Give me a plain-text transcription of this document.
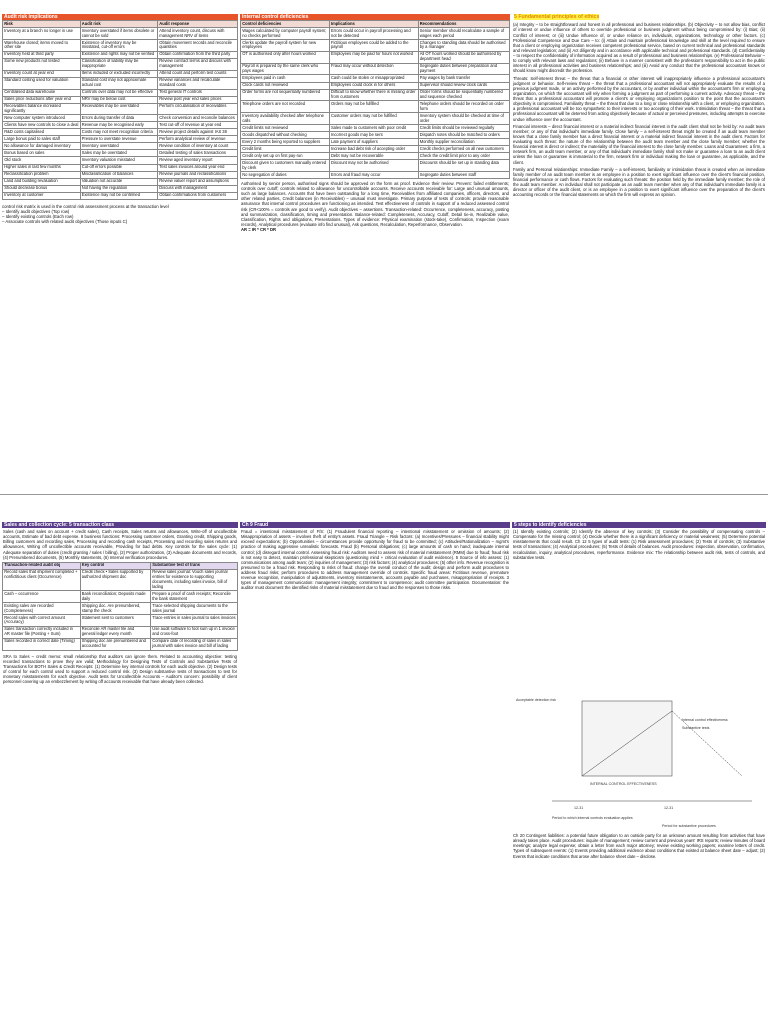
Audit risk implications
Risk	Audit risk	Audit response
Inventory at a branch no longer in use	Inventory overstated if items obsolete or cannot be sold	Attend inventory count, discuss with management NRV of items
Warehouse closed; items moved to other site	Existence of inventory may be misstated, cut-off errors	Obtain movement records and reconcile quantities
Inventory held at third party	Existence and rights may not be verified	Obtain confirmation from the third party
Some new products not tested	Classification of liability may be inappropriate	Review contract terms and discuss with management
Inventory count at year end	Items included or excluded incorrectly	Attend count and perform test counts
Standard costing used for valuation	Standard cost may not approximate actual cost	Review variances and recalculate standard costs
Centralised data warehouse	Controls over data may not be effective	Test general IT controls
Sales price reductions after year end	NRV may be below cost	Review post year end sales prices
Receivables balance increased significantly	Receivables may be overstated	Perform circularisation of receivables
New computer system introduced	Errors during transfer of data	Check conversion and reconcile balances
Clients have new controls to close a deal	Revenue may be recognised early	Test cut-off of revenue at year end
R&D costs capitalised	Costs may not meet recognition criteria	Review project details against IAS 38
Large bonus paid to sales staff	Pressure to overstate revenue	Perform analytical review of revenue
No allowance for damaged inventory	Inventory overstated	Review condition of inventory at count
Bonus based on sales	Sales may be overstated	Detailed testing of sales transactions
Old stock	Inventory valuation misstated	Review aged inventory report
Higher sales in last few months	Cut-off errors possible	Test sales invoices around year end
Reclassification problem	Misclassification of balances	Review journals and reclassifications
Land and building revaluation	Valuation not accurate	Review valuer report and assumptions
Should decrease bonus	Not having the regulation	Discuss with management
Inventory at customer	Existence may not be confirmed	Obtain confirmations from customers
control risk matrix is used in the control risk assessment process at the transaction level
– Identify audit objectives (Top row)
– Identify existing controls (Each row)
– Associate controls with related audit objectives (Those inputs C)
Internal control deficiencies
Control deficiencies	Implications	Recommendations
Wages calculated by computer payroll system; no checks performed	Errors could occur in payroll processing and not be detected	Senior member should recalculate a sample of wages each period
Clerks update the payroll system for new employees	Fictitious employees could be added to the payroll	Changes to standing data should be authorised by a manager
OT is authorised only after hours worked	Employees may be paid for hours not worked	All OT hours worked should be authorised by department head
Payroll is prepared by the same clerk who pays wages	Fraud may occur without detection	Segregate duties between preparation and payment
Employees paid in cash	Cash could be stolen or misappropriated	Pay wages by bank transfer
Clock cards not reviewed	Employees could clock in for others	Supervisor should review clock cards
Order forms are not sequentially numbered	Difficult to know whether there is missing order from customers	Order forms should be sequentially numbered and sequence checked
Telephone orders are not recorded	Orders may not be fulfilled	Telephone orders should be recorded on order form
Inventory availability checked after telephone calls	Customer orders may not be fulfilled	Inventory system should be checked at time of order
Credit limits not reviewed	Sales made to customers with poor credit	Credit limits should be reviewed regularly
Goods dispatched without checking	Incorrect goods may be sent	Dispatch notes should be matched to orders
Every 2 months being reported to suppliers	Late payment of suppliers	Monthly supplier reconciliation
Credit limit	Increase bad debt risk of accepting order	Credit checks performed on all new customers
Credit only set up on first pay-run	Debt may not be recoverable	Check the credit limit prior to any order
Discount given to customers manually entered by clerk	Discount may not be authorised	Discounts should be set up in standing data
No segregation of duties	Errors and fraud may occur	Segregate duties between staff
Authorised by senior person, authorised signs should be approved on the form as proof. Evidence their review. Prevent: failed entitlements; controls over cutoff; controls related to allowance for uncontrollable accounts. Receive accounts receivable for: Large and unusual amounts, such as large balances. Accounts that have been outstanding for a long time, Receivables from affiliated companies, officers, directors, and other related parties, Credit balances (in Receivables) – unusual must investigate. Primary purpose of tests of controls: provide reasonable assurance that internal control procedures are functioning as intended. Test effectiveness of controls in support of a reduced assessed control risk (CR<100% = controls are good to verify). Audit objectives – assertions. Transaction-related: Occurrence, completeness, accuracy, posting and summarization, classification, timing and presentation. Balance-related: Completeness, Accuracy, Cutoff, Detail tie-in, Realizable value, Classification, Rights and obligations, Presentations. Types of evidence: Physical examination (stock-take), Confirmation, Inspection (exam records), Analytical procedures (evaluate info find unusual), Ask questions, Recalculation, Reperformance, Observation.
AR = IR * CR * DR
5 Fundamental principles of ethics
(a) Integrity – to be straightforward and honest in all professional and business relationships. (b) Objectivity – to not allow bias, conflict of interest or undue influence of others to override professional or business judgment without being compromised by: (i) Bias; (ii) Conflict of interest; or (iii) Undue influence of, or undue reliance on, individuals, organizations, technology or other factors. (c) Professional Competence and Due Care – to: (i) Attain and maintain professional knowledge and skill at the level required to ensure that a client or employing organization receives competent professional service, based on current technical and professional standards and relevant legislation; and (ii) Act diligently and in accordance with applicable technical and professional standards. (d) Confidentiality – to respect the confidentiality of information acquired as a result of professional and business relationships. (e) Professional Behavior – to comply with relevant laws and regulations; (ii) Behave in a manner consistent with the profession's responsibility to act in the public interest in all professional activities and business relationships; and (iii) Avoid any conduct that the professional accountant knows or should know might discredit the profession.
Threats: Self-interest threat – the threat that a financial or other interest will inappropriately influence a professional accountant's judgment or behavior. Self-review threat – the threat that a professional accountant will not appropriately evaluate the results of a previous judgment made, or an activity performed by the accountant, or by another individual within the accountant's firm or employing organization, on which the accountant will rely when forming a judgment as part of performing a current activity. Advocacy threat – the threat that a professional accountant will promote a client's or employing organization's position to the point that the accountant's objectivity is compromised. Familiarity threat – the threat that due to a long or close relationship with a client, or employing organization, a professional accountant will be too sympathetic to their interests or too accepting of their work. Intimidation threat – the threat that a professional accountant will be deterred from acting objectively because of actual or perceived pressures, including attempts to exercise undue influence over the accountant.
Financial interests – direct financial interest or a material indirect financial interest in the audit client shall not be held by: An audit team member; or any of that individual's immediate family. Close family – a self-interest threat might be created if an audit team member knows that a close family member has a direct financial interest or a material indirect financial interest in the audit client. Factors for evaluating such threat: the nature of the relationship between the audit team member and the close family member; whether the financial interest is direct or indirect; the materiality of the financial interest to the close family member. Loans and Guarantees: a firm, a network firm, an audit team member, or any of that individual's immediate family shall not make or guarantee a loan to an audit client unless the loan or guarantee is immaterial to the firm, network firm or individual making the loan or guarantee, as applicable, and the client.
Family and Personal relationships: Immediate Family – a self-interest, familiarity or intimidation threat is created when an immediate family member of an audit team member is an employee in a position to exert significant influence over the client's financial position, financial performance or cash flows. Factors for evaluating such threats: the position held by the immediate family member; the role of the audit team member. An individual shall not participate as an audit team member when any of that individual's immediate family is a director or officer of the audit client, or is an employee in a position to exert significant influence over the preparation of the client's accounting records or the financial statements on which the firm will express an opinion.
Sales and collection cycle: 5 transaction class
Sales (cash and sales on account + credit sales), Cash receipts, Sales returns and allowances, Write-off of uncollectible accounts, Estimate of bad debt expense. 8 business functions: Processing customer orders, Granting credit, Shipping goods, Billing customers and recording sales, Processing and recording cash receipts, Processing and recording sales returns and allowances, Writing off uncollectible accounts receivable, Providing for bad debts. Key controls for the sales cycle: (1) Adequate separation of duties (credit granting / sales / billing), (2) Proper authorization, (3) Adequate documents and records, (4) Prenumbered documents, (5) Monthly statements, (6) Internal verification procedures.
Transaction-related audit obj	Key control	Substantive test of trans
Record sales that shipment completed + nonfictitious client (Occurrence)	Credit check • Sales supported by authorized shipment doc	Review sales journal: Vouch sales journal entries for existence to supporting documents, including sales invoice, bill of lading
Cash – occurrence	Bank reconciliation; Deposits made daily	Prepare a proof of cash receipts; Reconcile the bank statement
Existing sales are recorded (Completeness)	Shipping doc. Are prenumbered, stamp the check	Trace selected shipping documents to the sales journal
Record sales with correct amount (Accuracy)	Statement sent to customers	Trace entries in sales journal to sales invoices
Sales transaction correctly included in AR master file (Posting + Sum)	Reconcile AR master file and general ledger every month	Use audit software to foot sum up in 1 invoice and cross-foot
Sales recorded in correct date (Timing)	Shipping doc are prenumbered and accounted for	Compare date of recording of sales in sales journal with sales invoice and bill of lading
SRA to Sales – credit memo: small relationship that auditors can ignore them. Related to accounting objective: testing recorded transactions to prove they are valid; Methodology for Designing Tests of Controls and Substantive Tests of Transactions for BOTH Sales & Credit Receipts: (1) Determine key internal controls for each audit objective. (2) Design tests of control for each control used to support a reduced control risk. (3) Design substantive tests of transactions to test for monetary misstatements for each objective. Audit tests for Uncollectible Accounts – Auditor's concern: possibility of client personnel covering up an embezzlement by writing off accounts receivable that have already been collected.
Ch 9 Fraud
Fraud = intentional misstatement of F/S: (1) Fraudulent financial reporting – intentional misstatement or omission of amounts; (2) Misappropriation of assets – involves theft of entity's assets. Fraud Triangle – Risk factors: (a) Incentives/Pressures – financial stability might exceed expectations; (b) Opportunities – circumstances provide opportunity for fraud to be committed; (c) Attitudes/Rationalization – mgmt's practice of making aggressive unrealistic forecasts. Fraud (b) Personal obligations; (c) large amounts of cash on hand; inadequate internal control; (d) disregard internal control. Assessing fraud risk: Auditors need to assess risk of material misstatement (RMM) due to fraud; fraud risk is not easy to detect, maintain professional skepticism (questioning mind + critical evaluation of audit evidence). 5 Source of info assess: (1) communications among audit team; (2) inquiries of management; (3) risk factors; (4) analytical procedures; (5) other info. Revenue recognition is presumed to be a fraud risk. Responding to risks of fraud: change the overall conduct of the audit; design and perform audit procedures to address fraud risks; perform procedures to address management override of controls. Specific fraud areas: Fictitious revenue, premature revenue recognition, manipulation of adjustments, inventory misstatements, accounts payable and purchases, misappropriation of receipts. 3 types of management communication: management integrity; commitment to competence; audit committee participation. Documentation: the auditor must document the identified risks of material misstatement due to fraud and the responses to those risks.
5 steps to identify deficiencies
(1) Identify existing controls; (2) Identify the absence of key controls; (3) Consider the possibility of compensating controls – Compensate for the missing control; (4) Decide whether there is a significant deficiency or material weakness; (5) Determine potential misstatements that could result. Ch 12 5 types of audit tests: (1) Risk assessment procedures; (2) Tests of controls; (3) Substantive tests of transactions; (4) Analytical procedures; (5) Tests of details of balances. Audit procedures: inspection, observation, confirmation, recalculation, inquiry, analytical procedures, reperformance. Evidence mix: The relationship between audit risk, tests of controls, and substantive tests.
Acceptable detection risk
INTERNAL CONTROL EFFECTIVENESS
12-31	12-31
Period to which internal controls evaluation applies
Period for substantive procedures
Internal control effectiveness
Substantive tests
Ch 20 Contingent liabilities: a potential future obligation to an outside party for an unknown amount resulting from activities that have already taken place. Audit procedures: inquire of management; review current and previous years' IRS reports; review minutes of board meetings; analyze legal expense; obtain a letter from each major attorney; review existing working papers; examine letters of credit. Types of subsequent events: (1) Events providing additional evidence about conditions that existed at balance sheet date – adjust; (2) Events that indicate conditions that arose after balance sheet date – disclose.
